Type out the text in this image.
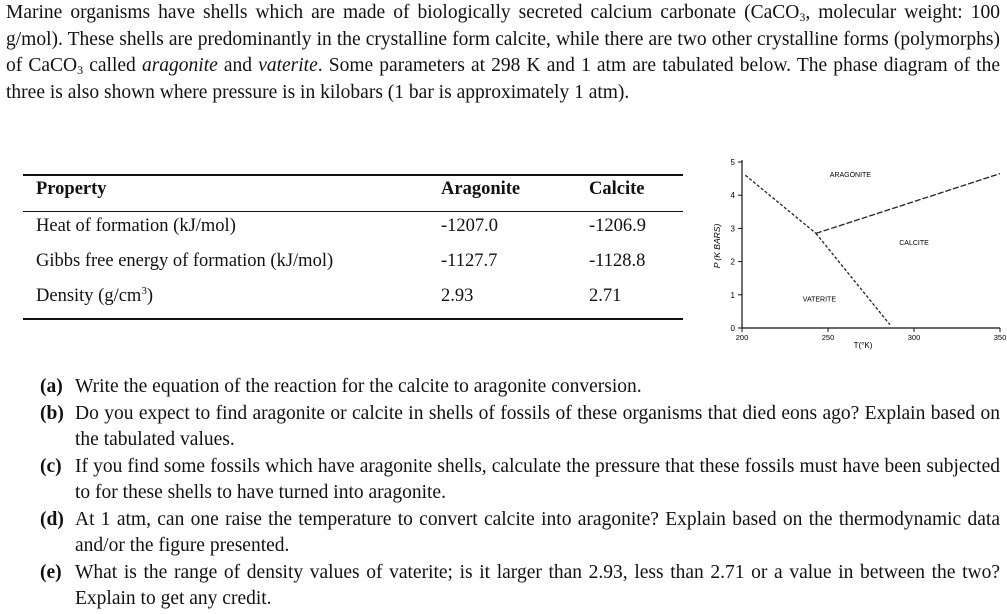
Marine organisms have shells which are made of biologically secreted calcium carbonate (CaCO$_3$, molecular weight: 100 g/mol). These shells are predominantly in the crystalline form calcite, while there are two other crystalline forms (polymorphs) of CaCO$_3$ called aragonite and vaterite. Some parameters at 298 K and 1 atm are tabulated below. The phase diagram of the three is also shown where pressure is in kilobars (1 bar is approximately 1 atm).
Property	Aragonite	Calcite
Heat of formation (kJ/mol)	-1207.0	-1206.9
Gibbs free energy of formation (kJ/mol)	-1127.7	-1128.8
Density $(g/cm^3)$	2.93	2.71
0
1
2
3
4
5
200	250	300	350
ARAGONITE
CALCITE
VATERITE
P (K BARS)
T(°K)
(a) Write the equation of the reaction for the calcite to aragonite conversion.
(b) Do you expect to find aragonite or calcite in shells of fossils of these organisms that died eons ago? Explain based on the tabulated values.
(c) If you find some fossils which have aragonite shells, calculate the pressure that these fossils must have been subjected to for these shells to have turned into aragonite.
(d) At 1 atm, can one raise the temperature to convert calcite into aragonite? Explain based on the thermodynamic data and/or the figure presented.
(e) What is the range of density values of vaterite; is it larger than 2.93, less than 2.71 or a value in between the two? Explain to get any credit.
